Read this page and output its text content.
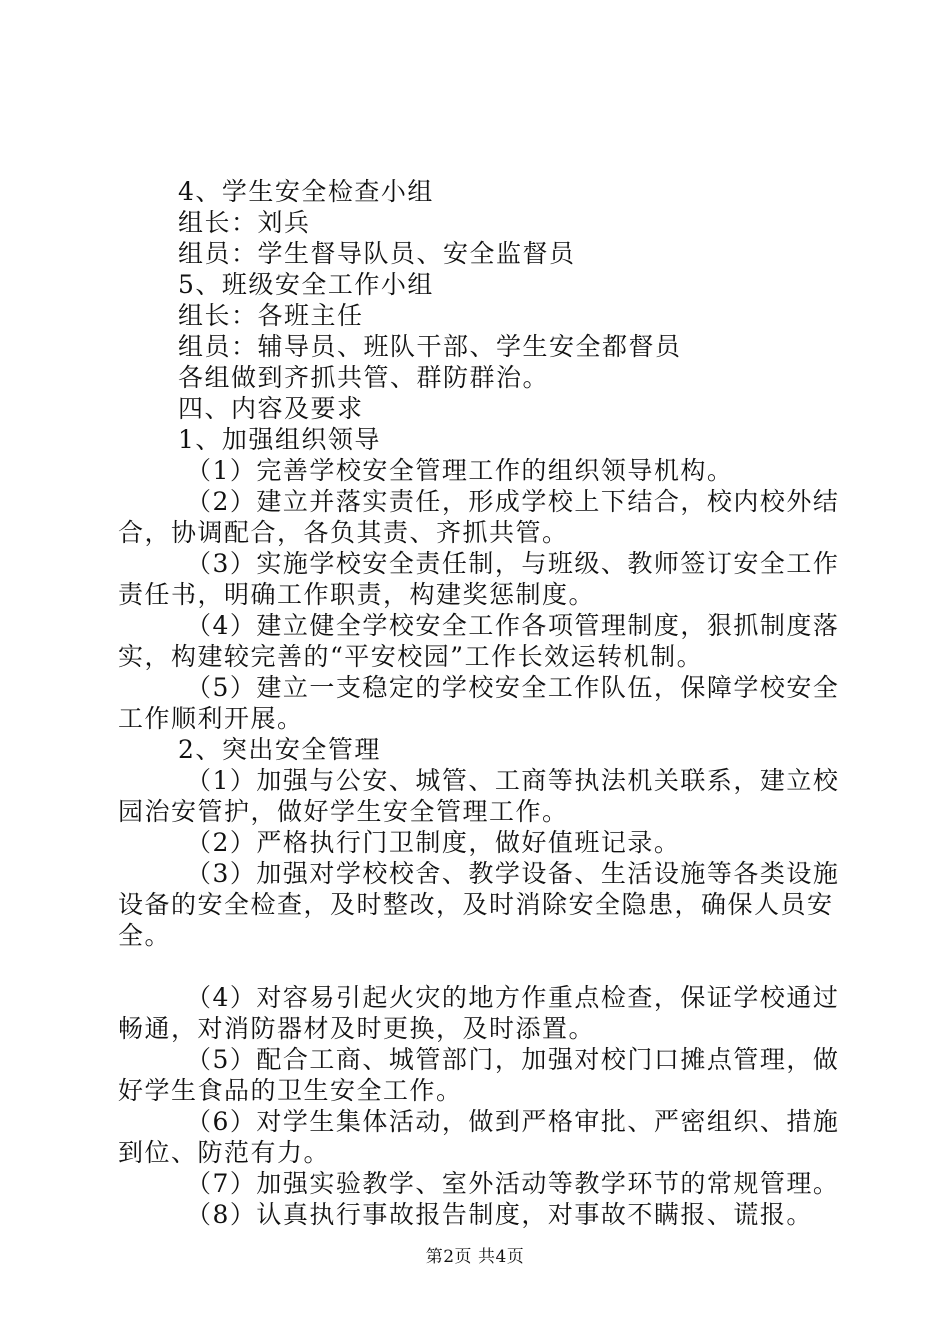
4、学生安全检查小组

组长：刘兵

组员：学生督导队员、安全监督员

5、班级安全工作小组

组长：各班主任

组员：辅导员、班队干部、学生安全都督员

各组做到齐抓共管、群防群治。

四、内容及要求

1、加强组织领导

（1）完善学校安全管理工作的组织领导机构。

（2）建立并落实责任，形成学校上下结合，校内校外结合，协调配合，各负其责、齐抓共管。

（3）实施学校安全责任制，与班级、教师签订安全工作责任书，明确工作职责，构建奖惩制度。

（4）建立健全学校安全工作各项管理制度，狠抓制度落实，构建较完善的“平安校园”工作长效运转机制。

（5）建立一支稳定的学校安全工作队伍，保障学校安全工作顺利开展。

2、突出安全管理

（1）加强与公安、城管、工商等执法机关联系，建立校园治安管护，做好学生安全管理工作。

（2）严格执行门卫制度，做好值班记录。

（3）加强对学校校舍、教学设备、生活设施等各类设施设备的安全检查，及时整改，及时消除安全隐患，确保人员安全。

（4）对容易引起火灾的地方作重点检查，保证学校通过畅通，对消防器材及时更换，及时添置。

（5）配合工商、城管部门，加强对校门口摊点管理，做好学生食品的卫生安全工作。

（6）对学生集体活动，做到严格审批、严密组织、措施到位、防范有力。

（7）加强实验教学、室外活动等教学环节的常规管理。

（8）认真执行事故报告制度，对事故不瞒报、谎报。

第2页 共4页
